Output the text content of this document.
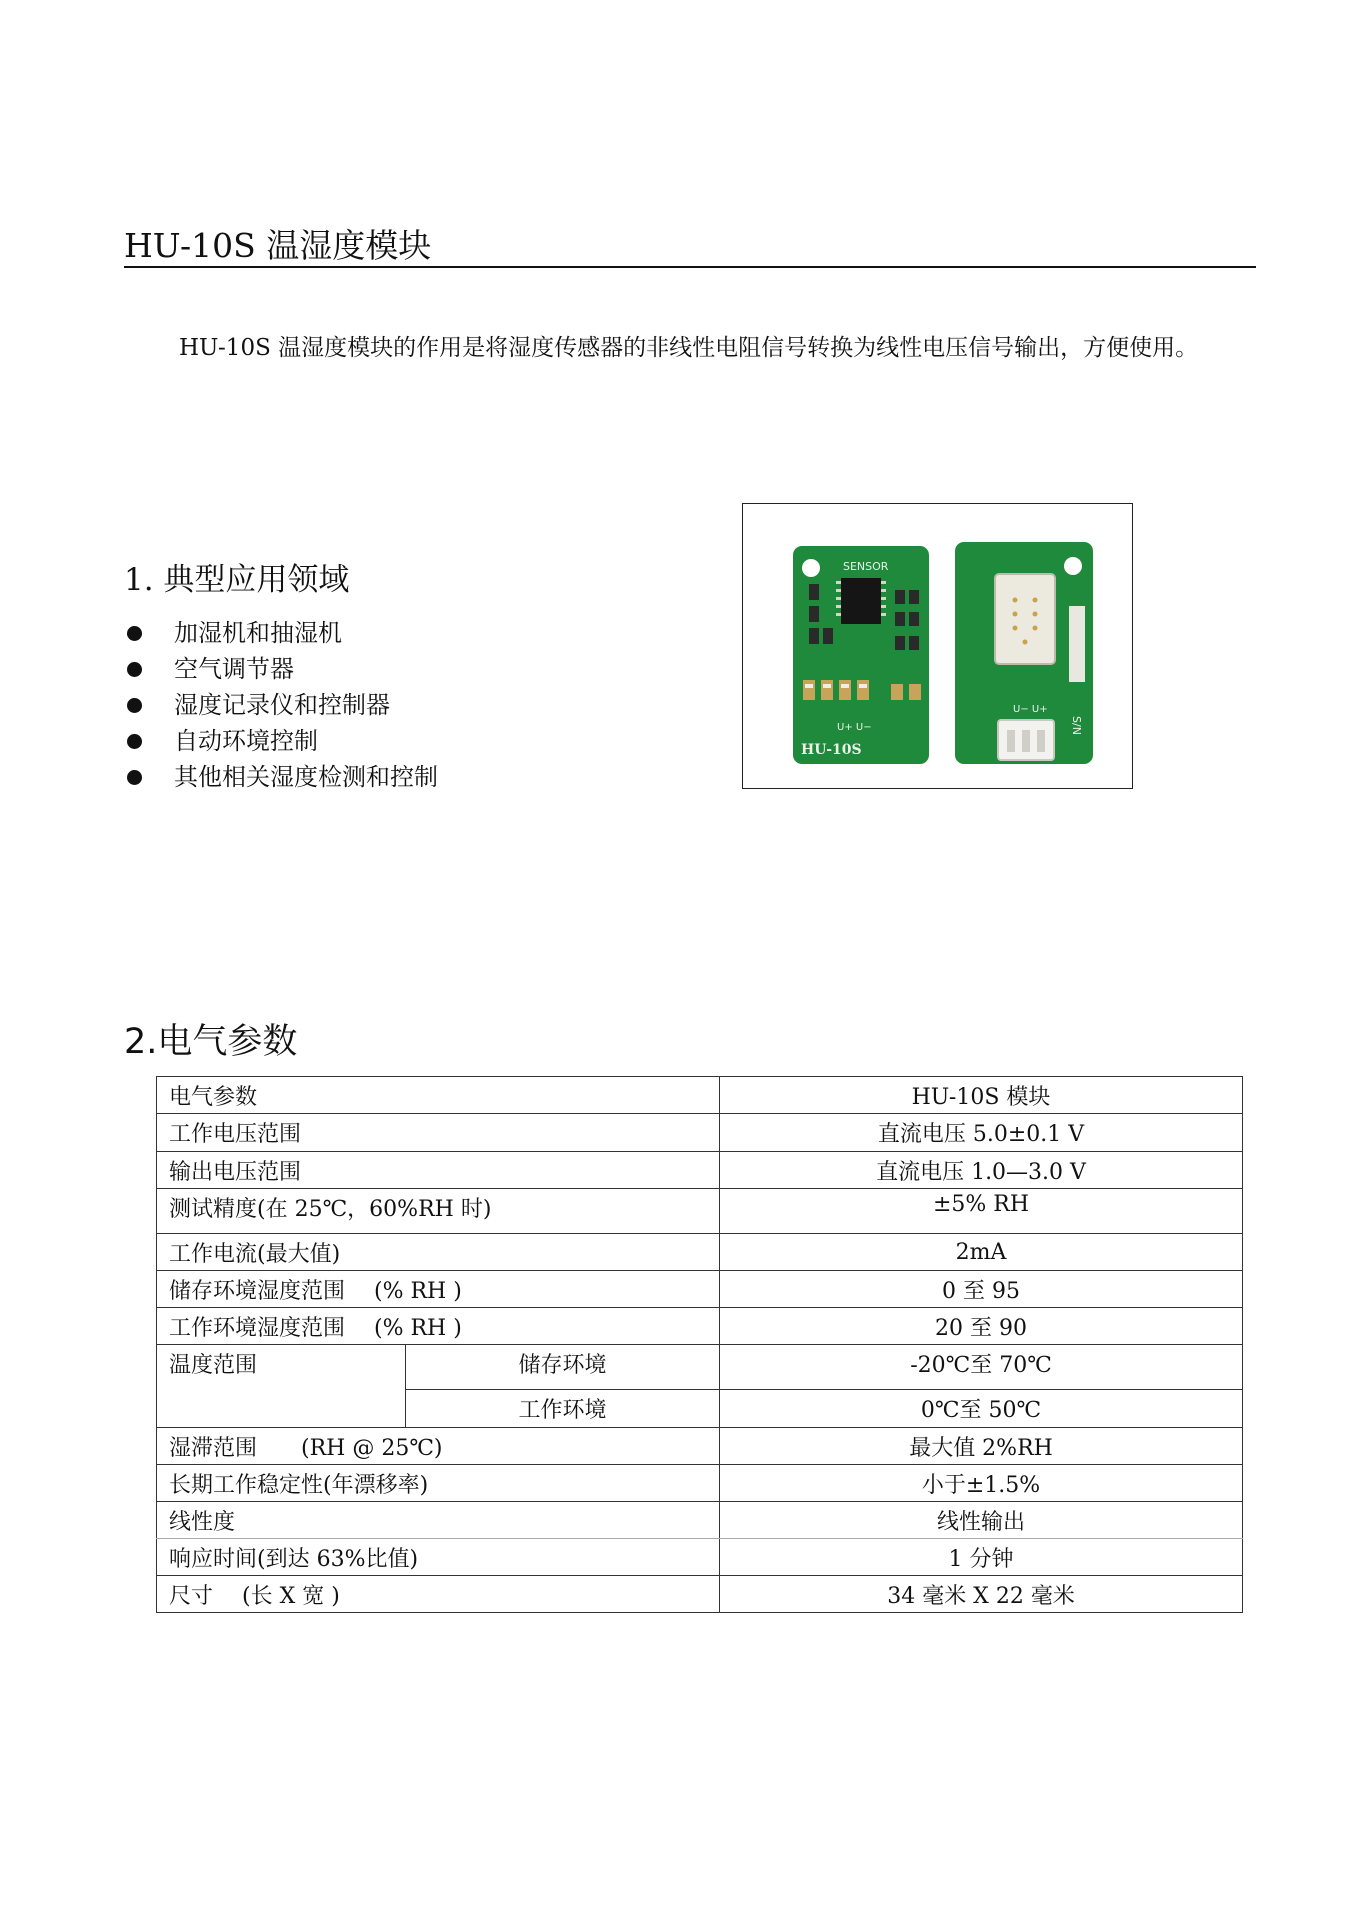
HU-10S 温湿度模块
HU-10S 温湿度模块的作用是将湿度传感器的非线性电阻信号转换为线性电压信号输出，方便使用。
1. 典型应用领域
加湿机和抽湿机
空气调节器
湿度记录仪和控制器
自动环境控制
其他相关湿度检测和控制
SENSOR
U+ U−
HU-10S
S/N
U− U+
2.电气参数
电气参数		HU-10S 模块
工作电压范围		直流电压 5.0±0.1 V
输出电压范围		直流电压 1.0—3.0 V
测试精度(在 25℃，60%RH 时)		±5% RH
工作电流(最大值)		2mA
储存环境湿度范围　 (% RH )		0 至 95
工作环境湿度范围　 (% RH )		20 至 90
温度范围	储存环境	-20℃至 70℃
	工作环境	0℃至 50℃
湿滞范围　　(RH @ 25℃)		最大值 2%RH
长期工作稳定性(年漂移率)		小于±1.5%
线性度		线性输出
响应时间(到达 63%比值)		1 分钟
尺寸　 (长 X 宽 )		34 毫米 X 22 毫米
